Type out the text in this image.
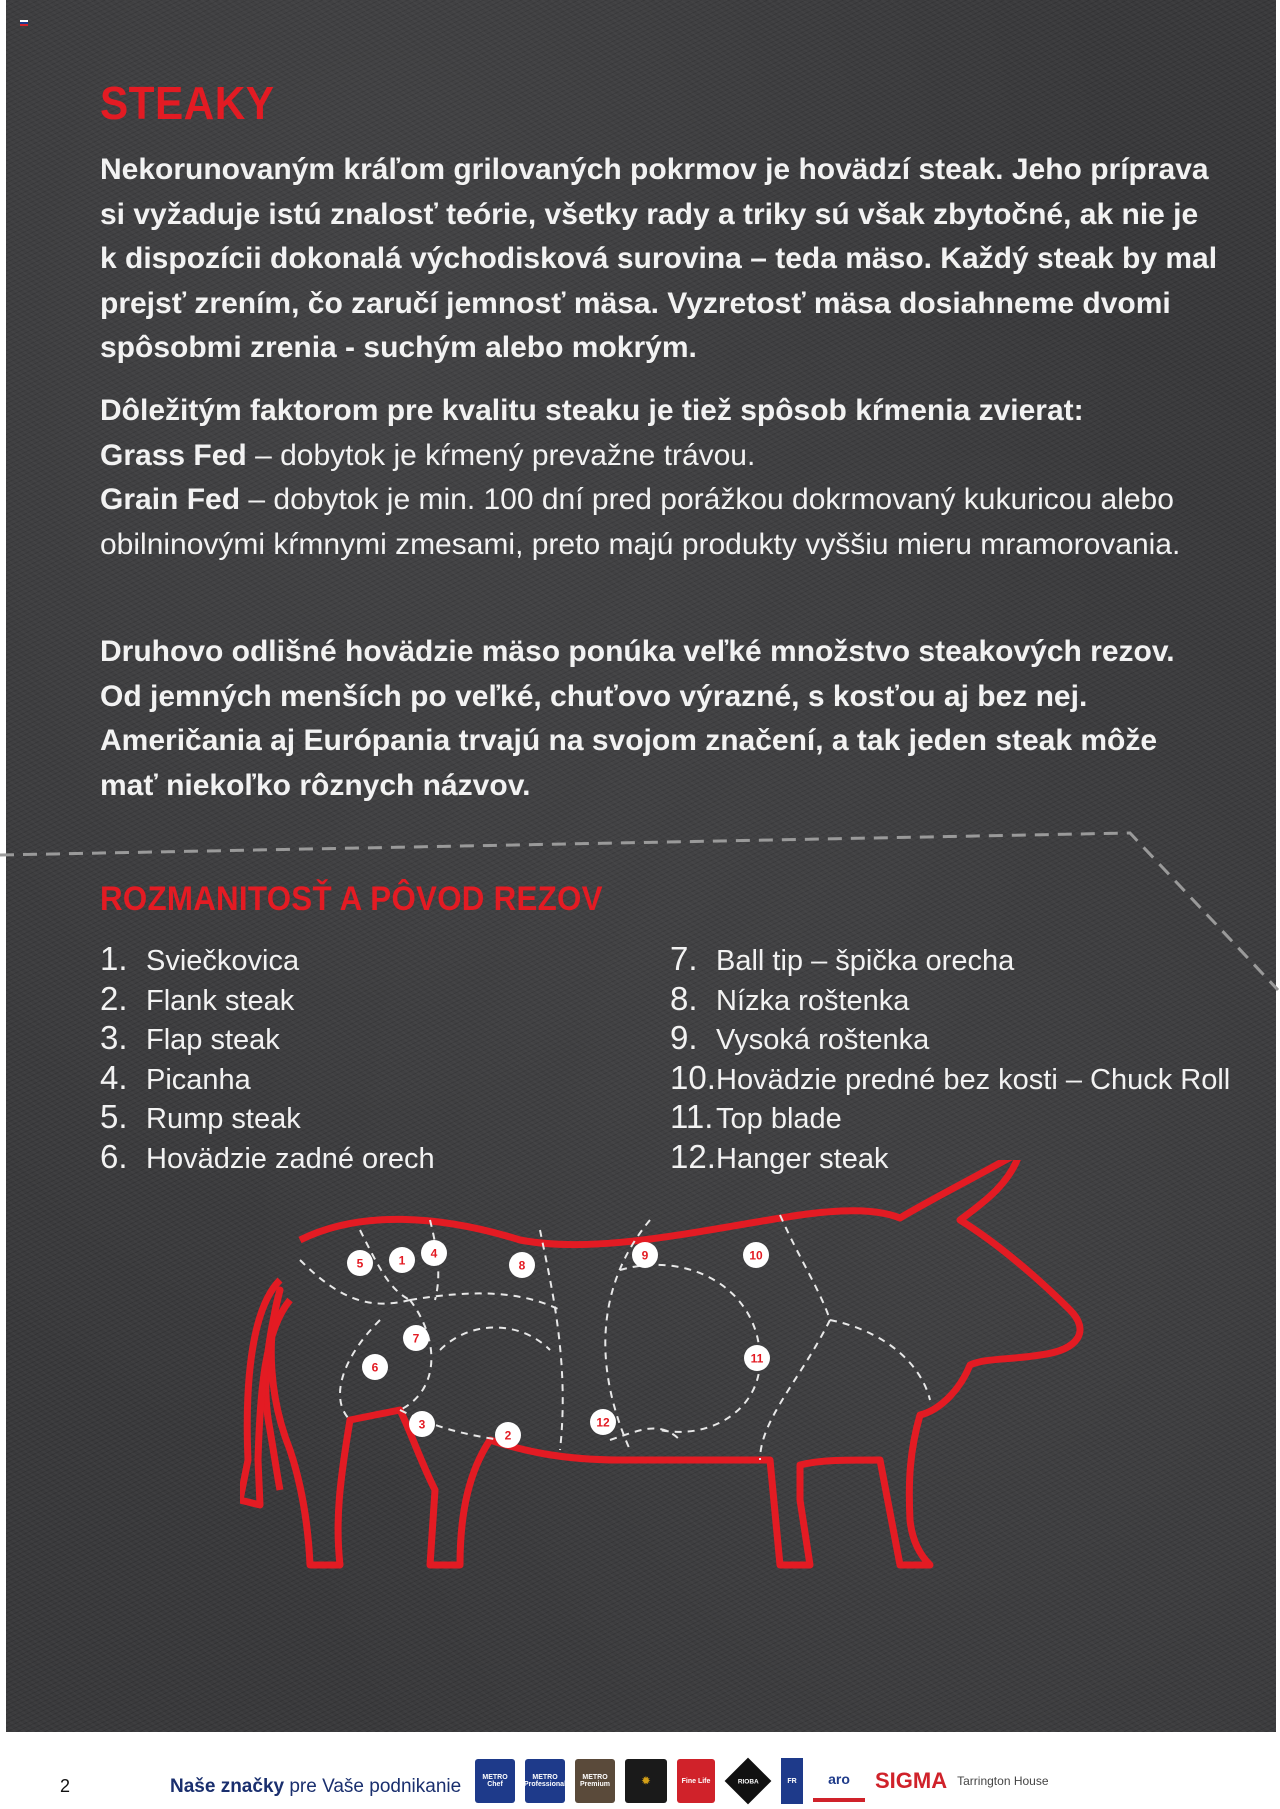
STEAKY

Nekorunovaným kráľom grilovaných pokrmov je hovädzí steak. Jeho príprava si vyžaduje istú znalosť teórie, všetky rady a triky sú však zbytočné, ak nie je k dispozícii dokonalá východisková surovina – teda mäso. Každý steak by mal prejsť zrením, čo zaručí jemnosť mäsa. Vyzretosť mäsa dosiahneme dvomi spôsobmi zrenia - suchým alebo mokrým.

Dôležitým faktorom pre kvalitu steaku je tiež spôsob kŕmenia zvierat:
Grass Fed – dobytok je kŕmený prevažne trávou.
Grain Fed – dobytok je min. 100 dní pred porážkou dokrmovaný kukuricou alebo obilninovými kŕmnymi zmesami, preto majú produkty vyššiu mieru mramorovania.

Druhovo odlišné hovädzie mäso ponúka veľké množstvo steakových rezov. Od jemných menších po veľké, chuťovo výrazné, s kosťou aj bez nej. Američania aj Európania trvajú na svojom značení, a tak jeden steak môže mať niekoľko rôznych názvov.

ROZMANITOSŤ A PÔVOD REZOV
1. Sviečkovica
2. Flank steak
3. Flap steak
4. Picanha
5. Rump steak
6. Hovädzie zadné orech
7. Ball tip – špička orecha
8. Nízka roštenka
9. Vysoká roštenka
10. Hovädzie predné bez kosti – Chuck Roll
11. Top blade
12. Hanger steak
1
2
3
4
5
6
7
8
9	10
11
12
2	Naše značky pre Vaše podnikanie	METRO Chef
METRO Professional
METRO Premium	✹	Fine Life	RIOBA	FR	aro	SIGMA Tarrington House
